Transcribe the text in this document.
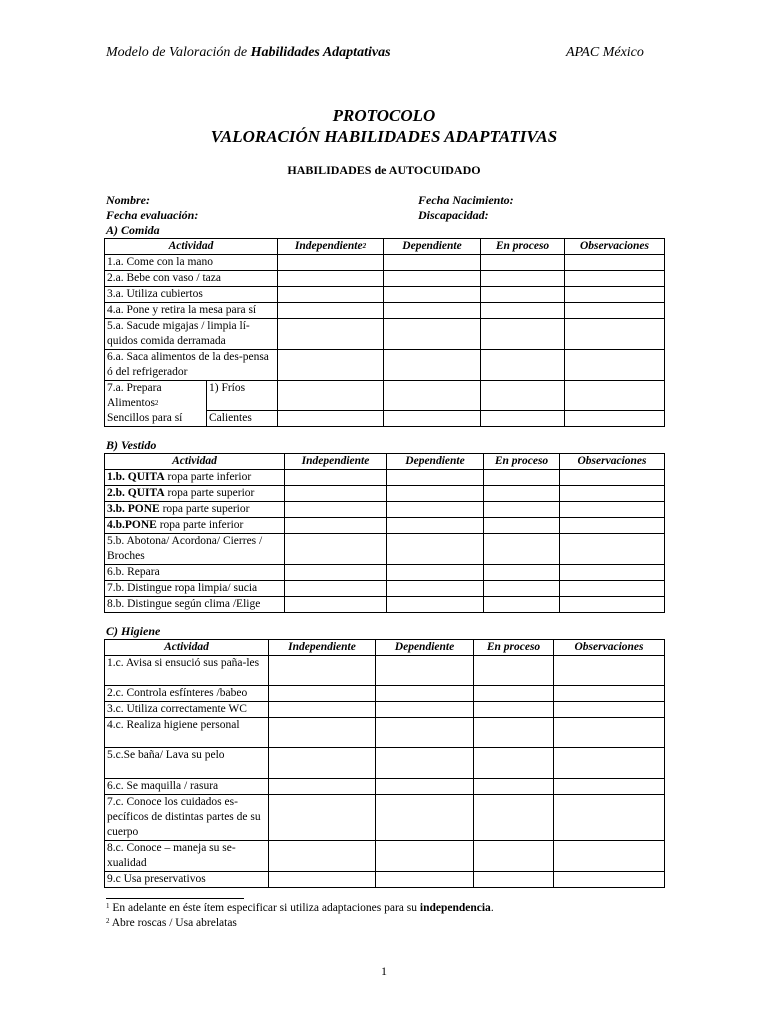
Modelo de Valoración de Habilidades Adaptativas	APAC México
PROTOCOLO
VALORACIÓN HABILIDADES ADAPTATIVAS
HABILIDADES de AUTOCUIDADO
Nombre:
Fecha evaluación:
Fecha Nacimiento:
Discapacidad:
A) Comida
Actividad		Independiente$^2$	Dependiente	En proceso	Observaciones
1.a. Come con la mano					
2.a. Bebe con vaso / taza					
3.a. Utiliza cubiertos					
4.a. Pone y retira la mesa para sí					
5.a. Sacude migajas / limpia lí-quidos comida derramada					
6.a. Saca alimentos de la des-pensa ó del refrigerador					
7.a. Prepara Alimentos$^2$
Sencillos para sí	1) Fríos				
	Calientes				
B) Vestido
Actividad	Independiente	Dependiente	En proceso	Observaciones
1.b. QUITA ropa parte inferior				
2.b. QUITA ropa parte superior				
3.b. PONE ropa parte superior				
4.b.PONE ropa parte inferior				
5.b. Abotona/ Acordona/ Cierres / Broches				
6.b. Repara				
7.b. Distingue ropa limpia/ sucia				
8.b. Distingue según clima /Elige				
C) Higiene
Actividad	Independiente	Dependiente	En proceso	Observaciones
1.c. Avisa si ensució sus paña-les				
2.c. Controla esfínteres /babeo				
3.c. Utiliza correctamente WC				
4.c. Realiza higiene personal				
5.c.Se baña/ Lava su pelo				
6.c. Se maquilla / rasura				
7.c. Conoce los cuidados es-pecíficos de distintas partes de su cuerpo				
8.c. Conoce – maneja su se-xualidad				
9.c Usa preservativos				
$^1$ En adelante en éste ítem especificar si utiliza adaptaciones para su independencia.
$^2$ Abre roscas / Usa abrelatas
1
